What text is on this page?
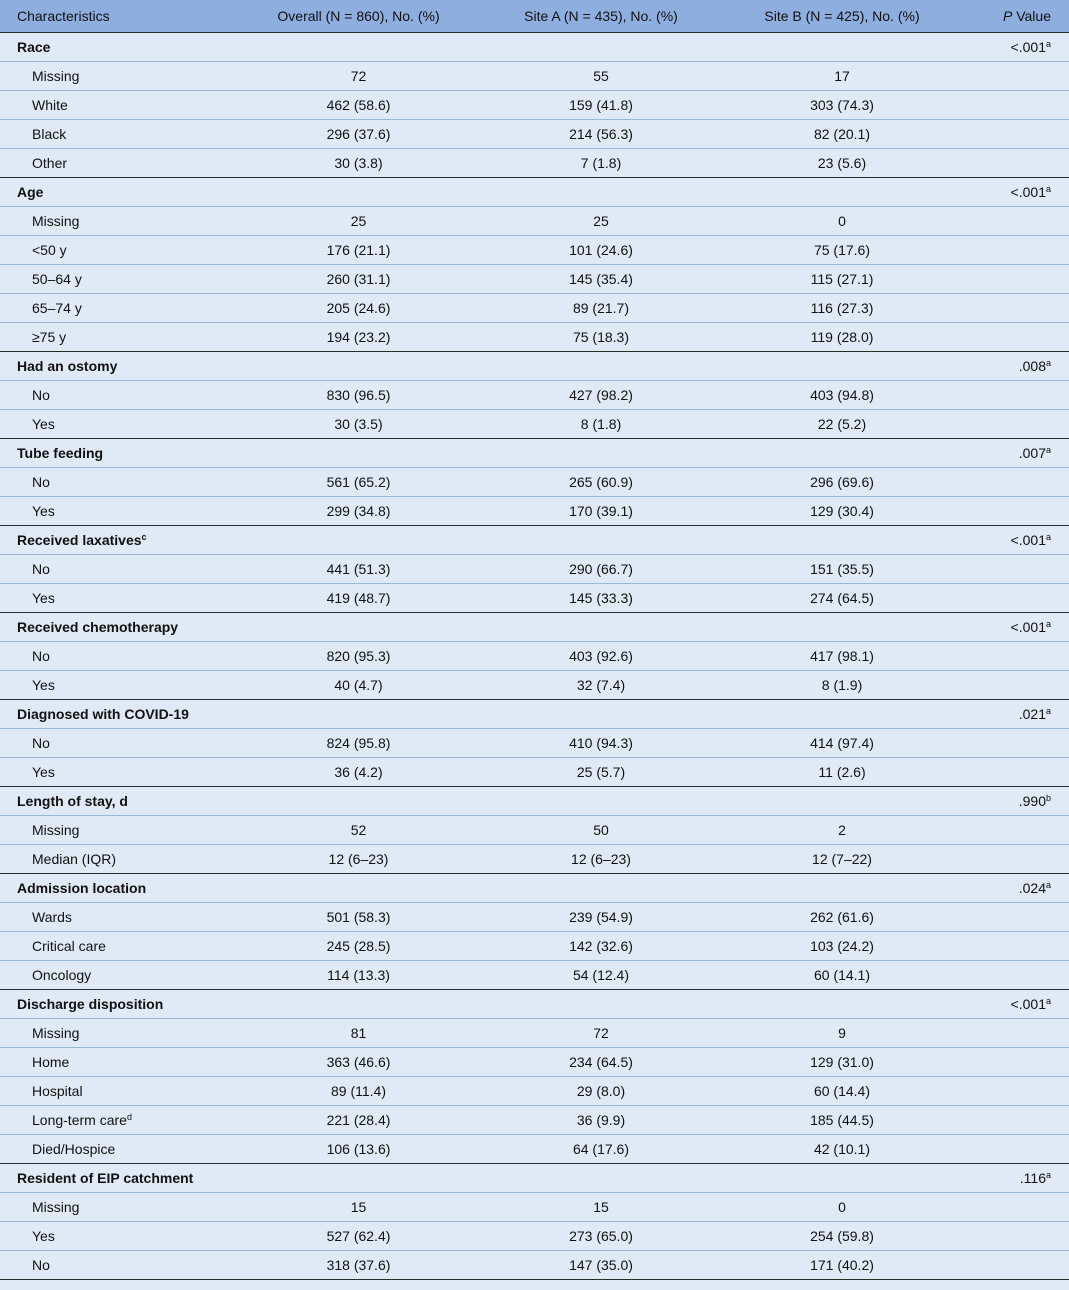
Characteristics	Overall (N = 860), No. (%)	Site A (N = 435), No. (%)	Site B (N = 425), No. (%)	P Value
Race				<.001$^a$
Missing	72	55	17	
White	462 (58.6)	159 (41.8)	303 (74.3)	
Black	296 (37.6)	214 (56.3)	82 (20.1)	
Other	30 (3.8)	7 (1.8)	23 (5.6)	
Age				<.001$^a$
Missing	25	25	0	
<50 y	176 (21.1)	101 (24.6)	75 (17.6)	
50–64 y	260 (31.1)	145 (35.4)	115 (27.1)	
65–74 y	205 (24.6)	89 (21.7)	116 (27.3)	
≥75 y	194 (23.2)	75 (18.3)	119 (28.0)	
Had an ostomy				.008$^a$
No	830 (96.5)	427 (98.2)	403 (94.8)	
Yes	30 (3.5)	8 (1.8)	22 (5.2)	
Tube feeding				.007$^a$
No	561 (65.2)	265 (60.9)	296 (69.6)	
Yes	299 (34.8)	170 (39.1)	129 (30.4)	
Received laxatives$^c$				<.001$^a$
No	441 (51.3)	290 (66.7)	151 (35.5)	
Yes	419 (48.7)	145 (33.3)	274 (64.5)	
Received chemotherapy				<.001$^a$
No	820 (95.3)	403 (92.6)	417 (98.1)	
Yes	40 (4.7)	32 (7.4)	8 (1.9)	
Diagnosed with COVID-19				.021$^a$
No	824 (95.8)	410 (94.3)	414 (97.4)	
Yes	36 (4.2)	25 (5.7)	11 (2.6)	
Length of stay, d				.990$^b$
Missing	52	50	2	
Median (IQR)	12 (6–23)	12 (6–23)	12 (7–22)	
Admission location				.024$^a$
Wards	501 (58.3)	239 (54.9)	262 (61.6)	
Critical care	245 (28.5)	142 (32.6)	103 (24.2)	
Oncology	114 (13.3)	54 (12.4)	60 (14.1)	
Discharge disposition				<.001$^a$
Missing	81	72	9	
Home	363 (46.6)	234 (64.5)	129 (31.0)	
Hospital	89 (11.4)	29 (8.0)	60 (14.4)	
Long-term care$^d$	221 (28.4)	36 (9.9)	185 (44.5)	
Died/Hospice	106 (13.6)	64 (17.6)	42 (10.1)	
Resident of EIP catchment				.116$^a$
Missing	15	15	0	
Yes	527 (62.4)	273 (65.0)	254 (59.8)	
No	318 (37.6)	147 (35.0)	171 (40.2)	
